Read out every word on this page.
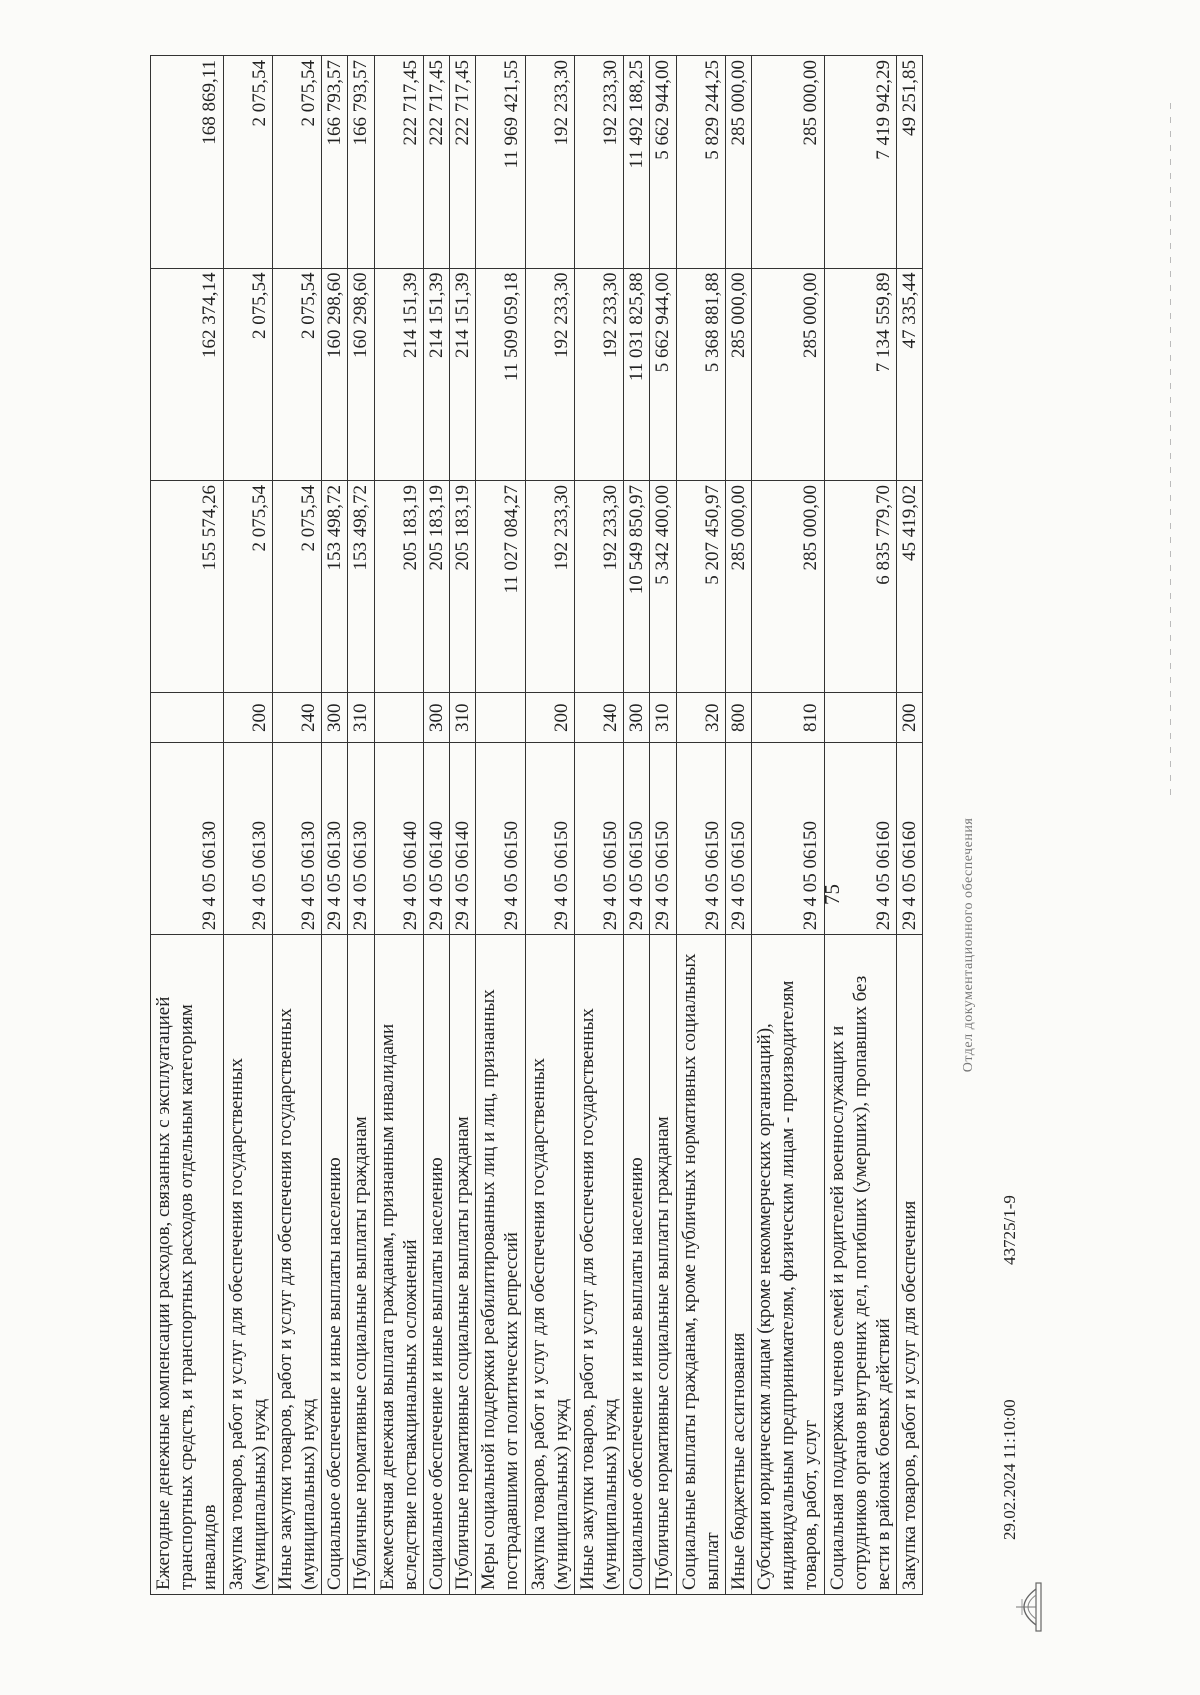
75
Ежегодные денежные компенсации расходов, связанных с эксплуатацией транспортных средств, и транспортных расходов отдельным категориям инвалидов	29 4 05 06130		155 574,26	162 374,14	168 869,11
Закупка товаров, работ и услуг для обеспечения государственных (муниципальных) нужд	29 4 05 06130	200	2 075,54	2 075,54	2 075,54
Иные закупки товаров, работ и услуг для обеспечения государственных (муниципальных) нужд	29 4 05 06130	240	2 075,54	2 075,54	2 075,54
Социальное обеспечение и иные выплаты населению	29 4 05 06130	300	153 498,72	160 298,60	166 793,57
Публичные нормативные социальные выплаты гражданам	29 4 05 06130	310	153 498,72	160 298,60	166 793,57
Ежемесячная денежная выплата гражданам, признанным инвалидами вследствие поствакцинальных осложнений	29 4 05 06140		205 183,19	214 151,39	222 717,45
Социальное обеспечение и иные выплаты населению	29 4 05 06140	300	205 183,19	214 151,39	222 717,45
Публичные нормативные социальные выплаты гражданам	29 4 05 06140	310	205 183,19	214 151,39	222 717,45
Меры социальной поддержки реабилитированных лиц и лиц, признанных пострадавшими от политических репрессий	29 4 05 06150		11 027 084,27	11 509 059,18	11 969 421,55
Закупка товаров, работ и услуг для обеспечения государственных (муниципальных) нужд	29 4 05 06150	200	192 233,30	192 233,30	192 233,30
Иные закупки товаров, работ и услуг для обеспечения государственных (муниципальных) нужд	29 4 05 06150	240	192 233,30	192 233,30	192 233,30
Социальное обеспечение и иные выплаты населению	29 4 05 06150	300	10 549 850,97	11 031 825,88	11 492 188,25
Публичные нормативные социальные выплаты гражданам	29 4 05 06150	310	5 342 400,00	5 662 944,00	5 662 944,00
Социальные выплаты гражданам, кроме публичных нормативных социальных выплат	29 4 05 06150	320	5 207 450,97	5 368 881,88	5 829 244,25
Иные бюджетные ассигнования	29 4 05 06150	800	285 000,00	285 000,00	285 000,00
Субсидии юридическим лицам (кроме некоммерческих организаций), индивидуальным предпринимателям, физическим лицам - производителям товаров, работ, услуг	29 4 05 06150	810	285 000,00	285 000,00	285 000,00
Социальная поддержка членов семей и родителей военнослужащих и сотрудников органов внутренних дел, погибших (умерших), пропавших без вести в районах боевых действий	29 4 05 06160		6 835 779,70	7 134 559,89	7 419 942,29
Закупка товаров, работ и услуг для обеспечения	29 4 05 06160	200	45 419,02	47 335,44	49 251,85
29.02.2024 11:10:00
43725/1-9
Отдел документационного обеспечения
